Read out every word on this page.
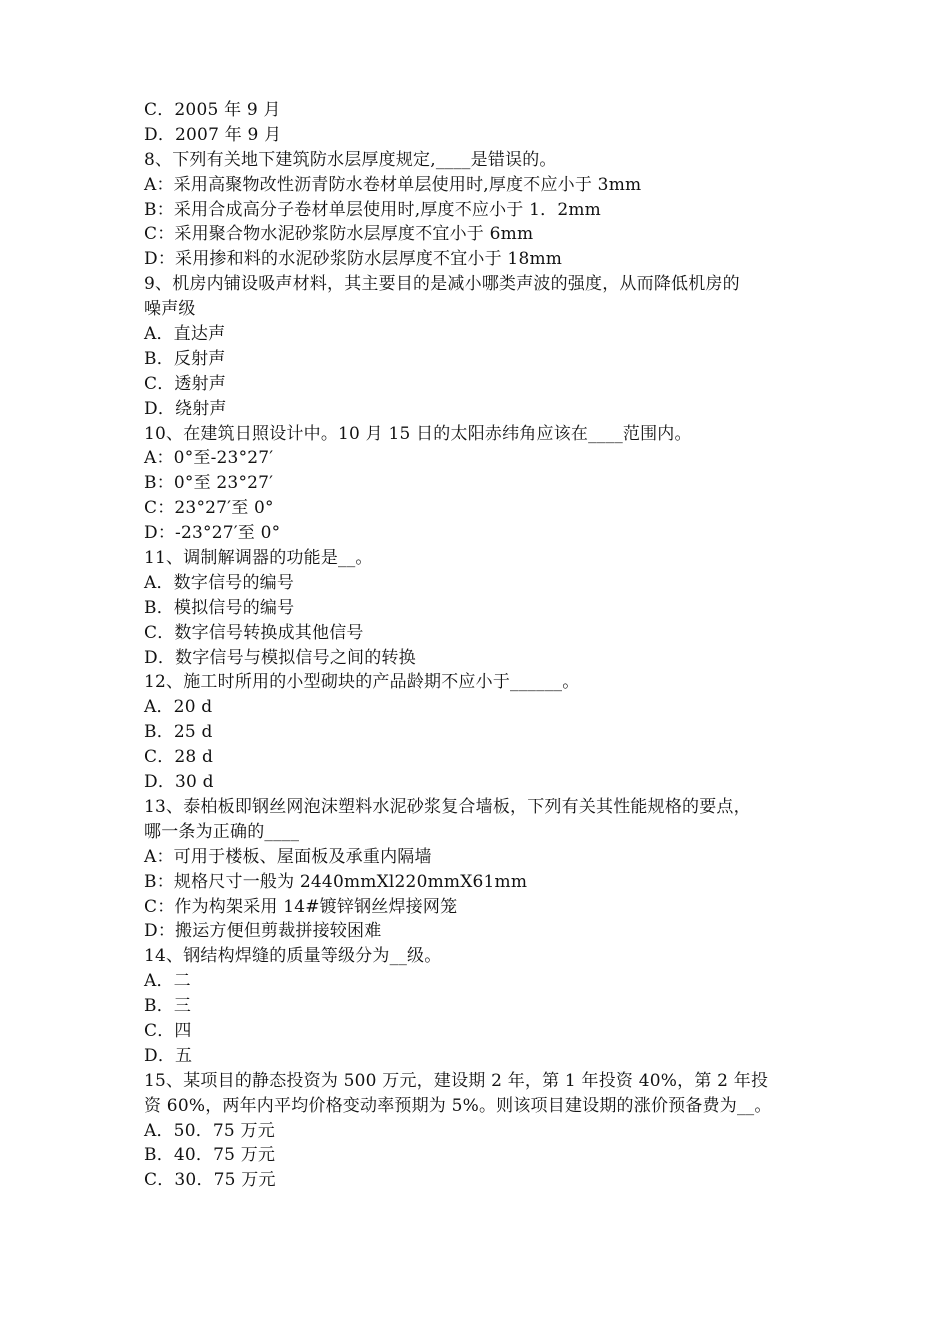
C．2005 年 9 月
D．2007 年 9 月
8、下列有关地下建筑防水层厚度规定,____是错误的。
A：采用高聚物改性沥青防水卷材单层使用时,厚度不应小于 3mm
B：采用合成高分子卷材单层使用时,厚度不应小于 1．2mm
C：采用聚合物水泥砂浆防水层厚度不宜小于 6mm
D：采用掺和料的水泥砂浆防水层厚度不宜小于 18mm
9、机房内铺设吸声材料，其主要目的是减小哪类声波的强度，从而降低机房的
噪声级
A．直达声
B．反射声
C．透射声
D．绕射声
10、在建筑日照设计中。10 月 15 日的太阳赤纬角应该在____范围内。
A：0°至-23°27′
B：0°至 23°27′
C：23°27′至 0°
D：-23°27′至 0°
11、调制解调器的功能是__。
A．数字信号的编号
B．模拟信号的编号
C．数字信号转换成其他信号
D．数字信号与模拟信号之间的转换
12、施工时所用的小型砌块的产品龄期不应小于______。
A．20 d
B．25 d
C．28 d
D．30 d
13、泰柏板即钢丝网泡沫塑料水泥砂浆复合墙板，下列有关其性能规格的要点，
哪一条为正确的____
A：可用于楼板、屋面板及承重内隔墙
B：规格尺寸一般为 2440mmXl220mmX61mm
C：作为构架采用 14#镀锌钢丝焊接网笼
D：搬运方便但剪裁拼接较困难
14、钢结构焊缝的质量等级分为__级。
A．二
B．三
C．四
D．五
15、某项目的静态投资为 500 万元，建设期 2 年，第 1 年投资 40%，第 2 年投
资 60%，两年内平均价格变动率预期为 5%。则该项目建设期的涨价预备费为__。
A．50．75 万元
B．40．75 万元
C．30．75 万元
